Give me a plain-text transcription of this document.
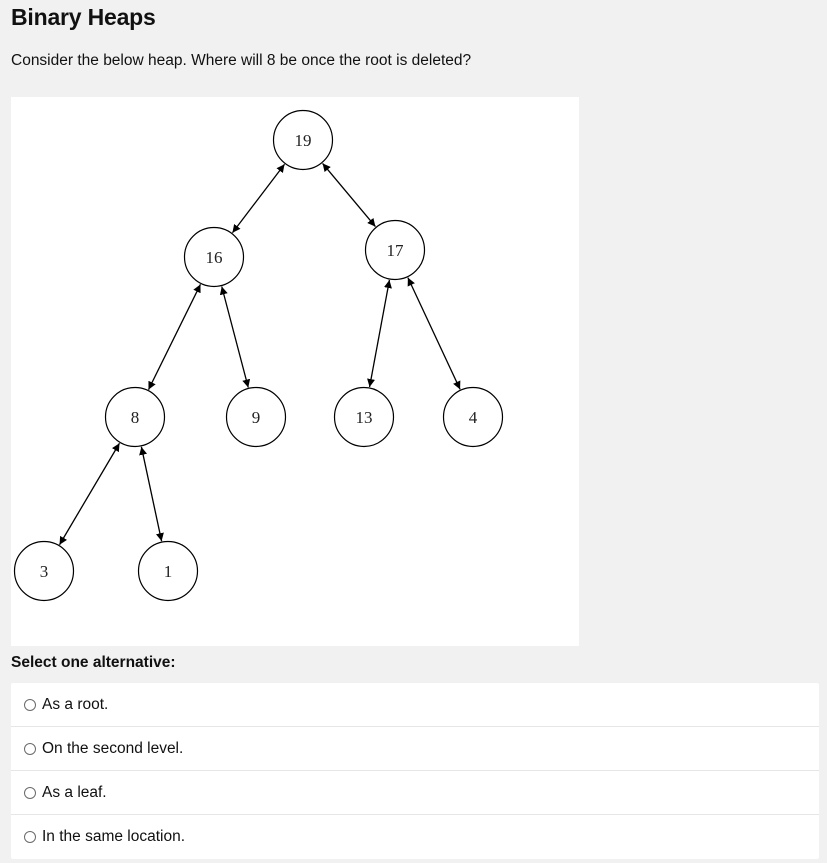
Binary Heaps

Consider the below heap. Where will 8 be once the root is deleted?

19
16	17
8	9	13	4
3	1

Select one alternative:

As a root.
On the second level.
As a leaf.
In the same location.
